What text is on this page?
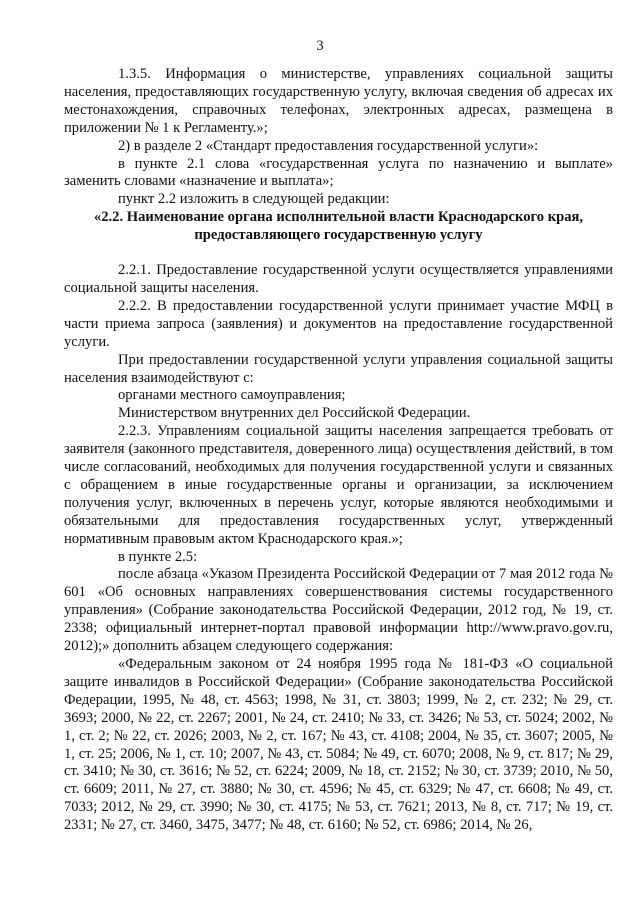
3

1.3.5. Информация о министерстве, управлениях социальной защиты населения, предоставляющих государственную услугу, включая сведения об адресах их местонахождения, справочных телефонах, электронных адресах, размещена в приложении № 1 к Регламенту.»;

2) в разделе 2 «Стандарт предоставления государственной услуги»:

в пункте 2.1 слова «государственная услуга по назначению и выплате» заменить словами «назначение и выплата»;

пункт 2.2 изложить в следующей редакции:

«2.2. Наименование органа исполнительной власти Краснодарского края, предоставляющего государственную услугу

2.2.1. Предоставление государственной услуги осуществляется управлениями социальной защиты населения.

2.2.2. В предоставлении государственной услуги принимает участие МФЦ в части приема запроса (заявления) и документов на предоставление государственной услуги.

При предоставлении государственной услуги управления социальной защиты населения взаимодействуют с:

органами местного самоуправления;

Министерством внутренних дел Российской Федерации.

2.2.3. Управлениям социальной защиты населения запрещается требовать от заявителя (законного представителя, доверенного лица) осуществления действий, в том числе согласований, необходимых для получения государственной услуги и связанных с обращением в иные государственные органы и организации, за исключением получения услуг, включенных в перечень услуг, которые являются необходимыми и обязательными для предоставления государственных услуг, утвержденный нормативным правовым актом Краснодарского края.»;

в пункте 2.5:

после абзаца «Указом Президента Российской Федерации от 7 мая 2012 года № 601 «Об основных направлениях совершенствования системы государственного управления» (Собрание законодательства Российской Федерации, 2012 год, № 19, ст. 2338; официальный интернет-портал правовой информации http://www.pravo.gov.ru, 2012);» дополнить абзацем следующего содержания:

«Федеральным законом от 24 ноября 1995 года № 181-ФЗ «О социальной защите инвалидов в Российской Федерации» (Собрание законодательства Российской Федерации, 1995, № 48, ст. 4563; 1998, № 31, ст. 3803; 1999, № 2, ст. 232; № 29, ст. 3693; 2000, № 22, ст. 2267; 2001, № 24, ст. 2410; № 33, ст. 3426; № 53, ст. 5024; 2002, № 1, ст. 2; № 22, ст. 2026; 2003, № 2, ст. 167; № 43, ст. 4108; 2004, № 35, ст. 3607; 2005, № 1, ст. 25; 2006, № 1, ст. 10; 2007, № 43, ст. 5084; № 49, ст. 6070; 2008, № 9, ст. 817; № 29, ст. 3410; № 30, ст. 3616; № 52, ст. 6224; 2009, № 18, ст. 2152; № 30, ст. 3739; 2010, № 50, ст. 6609; 2011, № 27, ст. 3880; № 30, ст. 4596; № 45, ст. 6329; № 47, ст. 6608; № 49, ст. 7033; 2012, № 29, ст. 3990; № 30, ст. 4175; № 53, ст. 7621; 2013, № 8, ст. 717; № 19, ст. 2331; № 27, ст. 3460, 3475, 3477; № 48, ст. 6160; № 52, ст. 6986; 2014, № 26,
